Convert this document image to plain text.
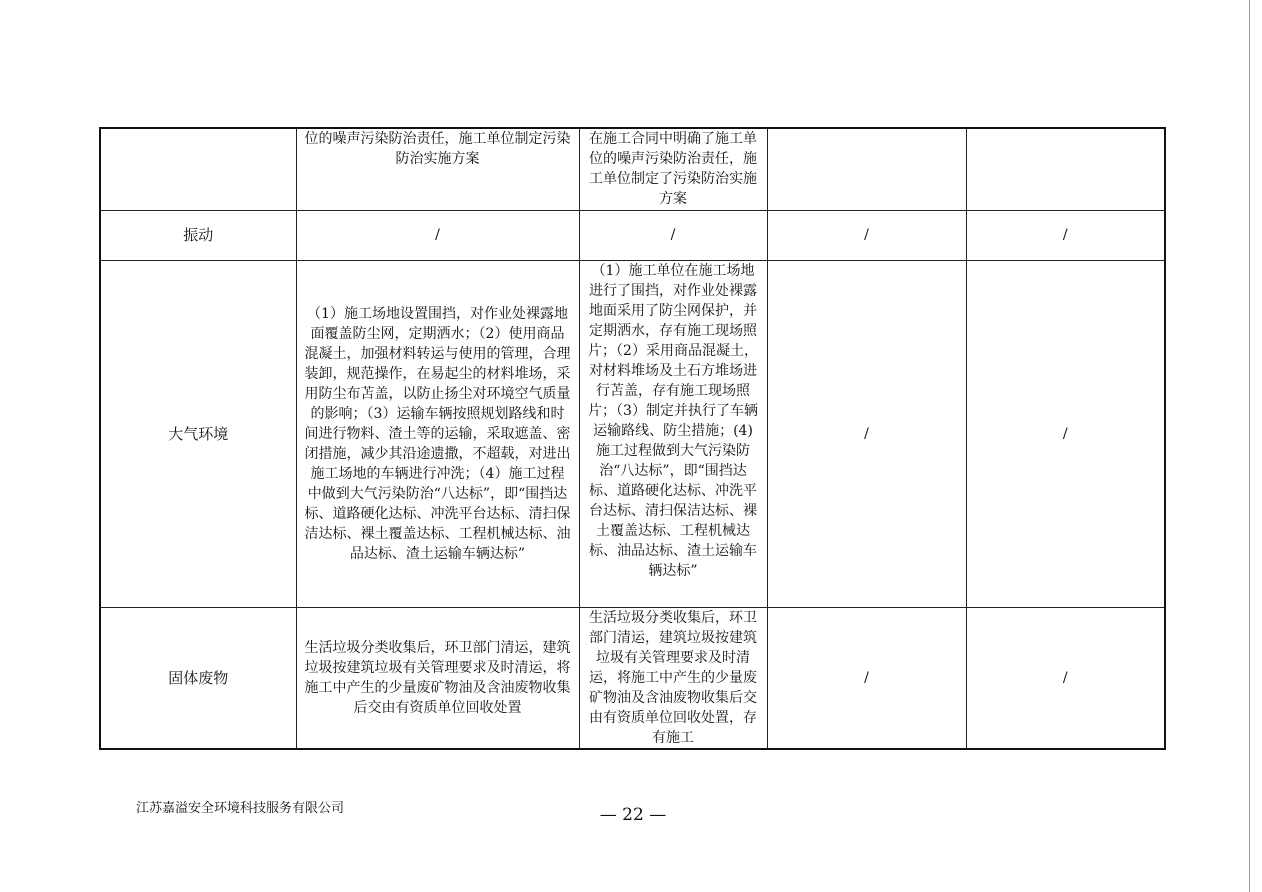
	位的噪声污染防治责任，施工单位制定污染防治实施方案	在施工合同中明确了施工单位的噪声污染防治责任，施工单位制定了污染防治实施方案		
振动	/	/	/	/
大气环境	（1）施工场地设置围挡，对作业处裸露地面覆盖防尘网，定期洒水；（2）使用商品混凝土，加强材料转运与使用的管理，合理装卸，规范操作，在易起尘的材料堆场，采用防尘布苫盖，以防止扬尘对环境空气质量的影响；（3）运输车辆按照规划路线和时间进行物料、渣土等的运输，采取遮盖、密闭措施，减少其沿途遗撒，不超载，对进出施工场地的车辆进行冲洗；（4）施工过程中做到大气污染防治“八达标”，即“围挡达标、道路硬化达标、冲洗平台达标、清扫保洁达标、裸土覆盖达标、工程机械达标、油品达标、渣土运输车辆达标”	（1）施工单位在施工场地进行了围挡，对作业处裸露地面采用了防尘网保护，并定期洒水，存有施工现场照片；（2）采用商品混凝土，对材料堆场及土石方堆场进行苫盖，存有施工现场照片；（3）制定并执行了车辆运输路线、防尘措施；(4)施工过程做到大气污染防治“八达标”，即“围挡达标、道路硬化达标、冲洗平台达标、清扫保洁达标、裸土覆盖达标、工程机械达标、油品达标、渣土运输车辆达标”	/	/
固体废物	生活垃圾分类收集后，环卫部门清运，建筑垃圾按建筑垃圾有关管理要求及时清运，将施工中产生的少量废矿物油及含油废物收集后交由有资质单位回收处置	生活垃圾分类收集后，环卫部门清运，建筑垃圾按建筑垃圾有关管理要求及时清运，将施工中产生的少量废矿物油及含油废物收集后交由有资质单位回收处置，存有施工	/	/
江苏嘉溢安全环境科技服务有限公司	— 22 —
